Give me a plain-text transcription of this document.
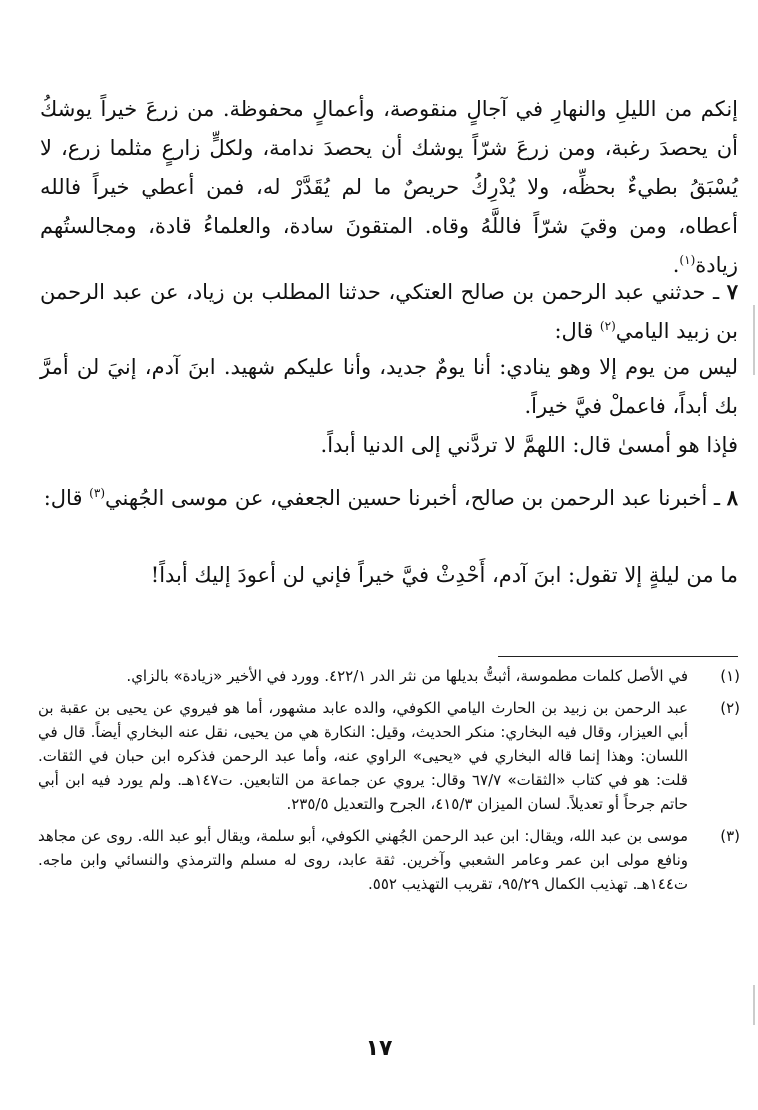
إنكم من الليلِ والنهارِ في آجالٍ منقوصة، وأعمالٍ محفوظة. من زرعَ خيراً يوشكُ أن يحصدَ رغبة، ومن زرعَ شرّاً يوشك أن يحصدَ ندامة، ولكلٍّ زارعٍ مثلما زرع، لا يُسْبَقُ بطيءٌ بحظِّه، ولا يُدْرِكُ حريصٌ ما لم يُقَدَّرْ له، فمن أعطي خيراً فالله أعطاه، ومن وقيَ شرّاً فاللَّهُ وقاه. المتقونَ سادة، والعلماءُ قادة، ومجالستُهم زيادة$^{(١)}$.

٧ ـ حدثني عبد الرحمن بن صالح العتكي، حدثنا المطلب بن زياد، عن عبد الرحمن بن زبيد اليامي$^{(٢)}$ قال:

ليس من يوم إلا وهو ينادي: أنا يومٌ جديد، وأنا عليكم شهيد. ابنَ آدم، إنيَ لن أمرَّ بك أبداً، فاعملْ فيَّ خيراً.

فإذا هو أمسىٰ قال: اللهمَّ لا تردَّني إلى الدنيا أبداً.

٨ ـ أخبرنا عبد الرحمن بن صالح، أخبرنا حسين الجعفي، عن موسى الجُهني$^{(٣)}$ قال:

ما من ليلةٍ إلا تقول: ابنَ آدم، أَحْدِثْ فيَّ خيراً فإني لن أعودَ إليك أبداً!

(١)
في الأصل كلمات مطموسة، أثبتُّ بديلها من نثر الدر ٤٢٢/١. وورد في الأخير «زيادة» بالزاي.
(٢)
عبد الرحمن بن زبيد بن الحارث اليامي الكوفي، والده عابد مشهور، أما هو فيروي عن يحيى بن عقبة بن أبي العيزار، وقال فيه البخاري: منكر الحديث، وقيل: النكارة هي من يحيى، نقل عنه البخاري أيضاً. قال في اللسان: وهذا إنما قاله البخاري في «يحيى» الراوي عنه، وأما عبد الرحمن فذكره ابن حبان في الثقات. قلت: هو في كتاب «الثقات» ٦٧/٧ وقال: يروي عن جماعة من التابعين. ت١٤٧هـ. ولم يورد فيه ابن أبي حاتم جرحاً أو تعديلاً. لسان الميزان ٤١٥/٣، الجرح والتعديل ٢٣٥/٥.
(٣)
موسى بن عبد الله، ويقال: ابن عبد الرحمن الجُهني الكوفي، أبو سلمة، ويقال أبو عبد الله. روى عن مجاهد ونافع مولى ابن عمر وعامر الشعبي وآخرين. ثقة عابد، روى له مسلم والترمذي والنسائي وابن ماجه. ت١٤٤هـ. تهذيب الكمال ٩٥/٢٩، تقريب التهذيب ٥٥٢.
١٧
